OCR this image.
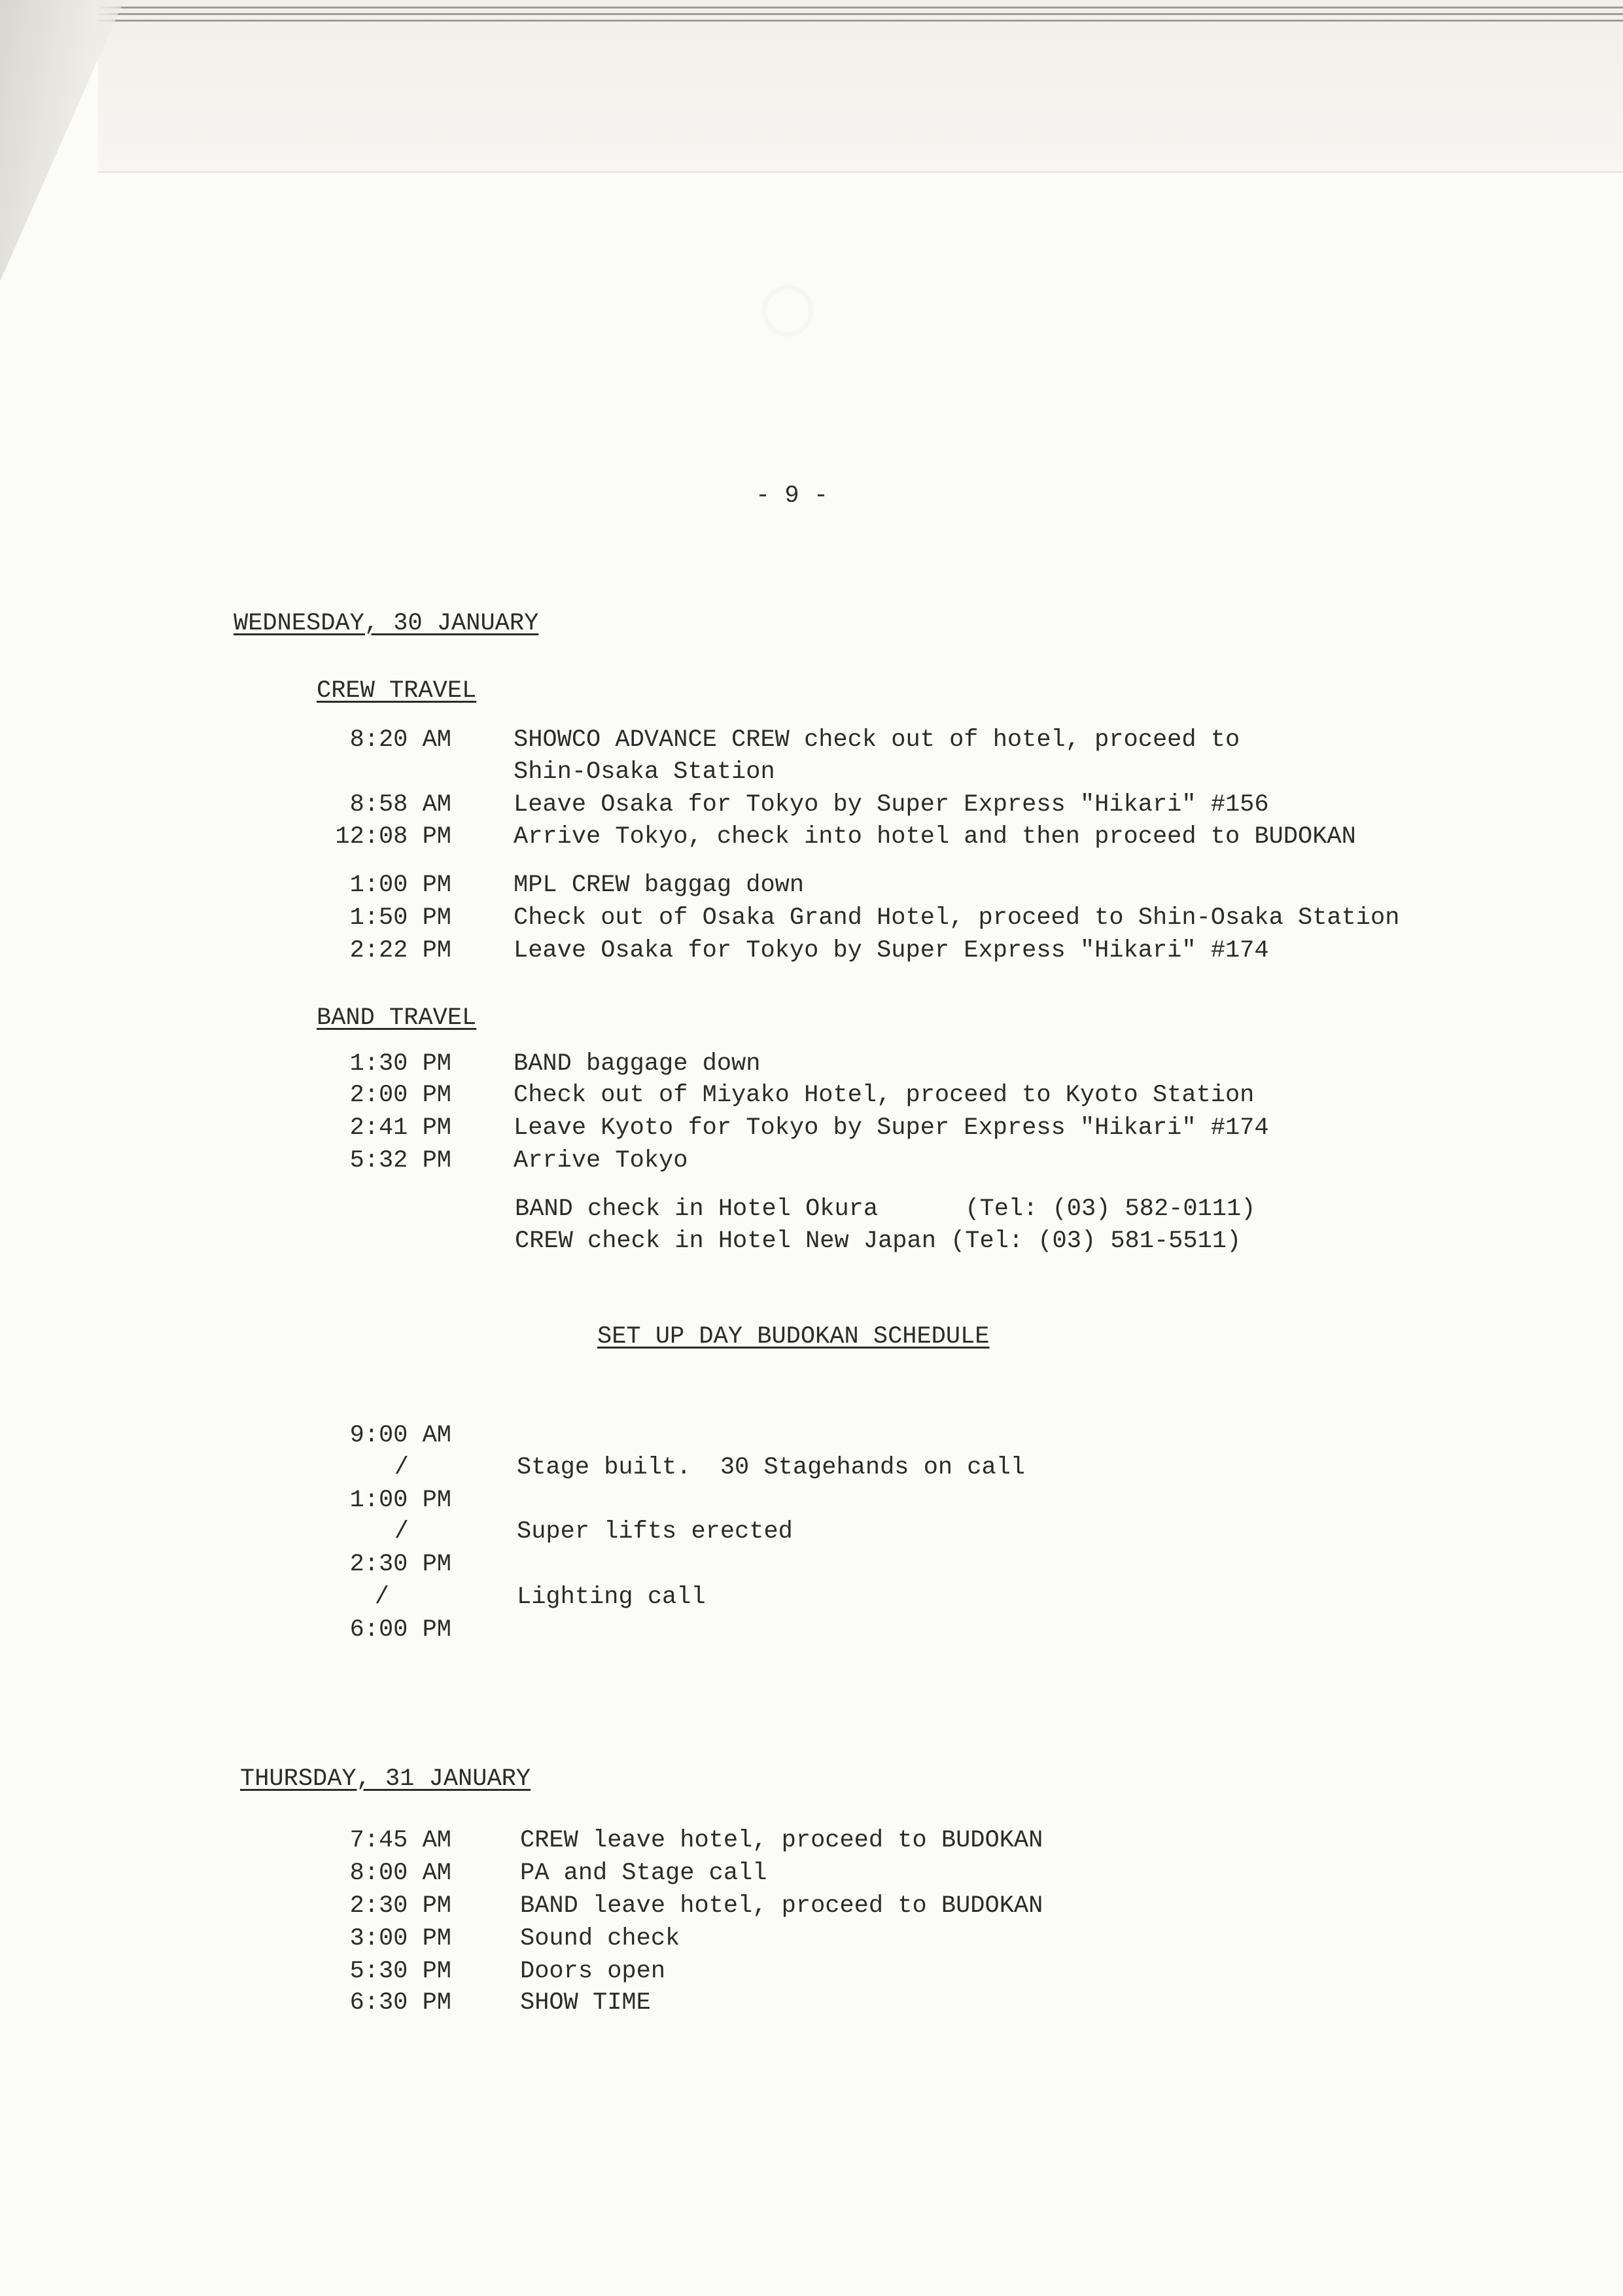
○
- 9 -
WEDNESDAY, 30 JANUARY
CREW TRAVEL
8:20 AM	SHOWCO ADVANCE CREW check out of hotel, proceed to
Shin-Osaka Station
8:58 AM	Leave Osaka for Tokyo by Super Express "Hikari" #156
12:08 PM	Arrive Tokyo, check into hotel and then proceed to BUDOKAN
1:00 PM	MPL CREW baggag down
1:50 PM	Check out of Osaka Grand Hotel, proceed to Shin-Osaka Station
2:22 PM	Leave Osaka for Tokyo by Super Express "Hikari" #174
BAND TRAVEL
1:30 PM	BAND baggage down
2:00 PM	Check out of Miyako Hotel, proceed to Kyoto Station
2:41 PM	Leave Kyoto for Tokyo by Super Express "Hikari" #174
5:32 PM	Arrive Tokyo
BAND check in Hotel Okura      (Tel: (03) 582-0111)
CREW check in Hotel New Japan (Tel: (03) 581-5511)
SET UP DAY BUDOKAN SCHEDULE
9:00 AM
/	Stage built.  30 Stagehands on call
1:00 PM
/	Super lifts erected
2:30 PM
/	Lighting call
6:00 PM
THURSDAY, 31 JANUARY
7:45 AM	CREW leave hotel, proceed to BUDOKAN
8:00 AM	PA and Stage call
2:30 PM	BAND leave hotel, proceed to BUDOKAN
3:00 PM	Sound check
5:30 PM	Doors open
6:30 PM	SHOW TIME
